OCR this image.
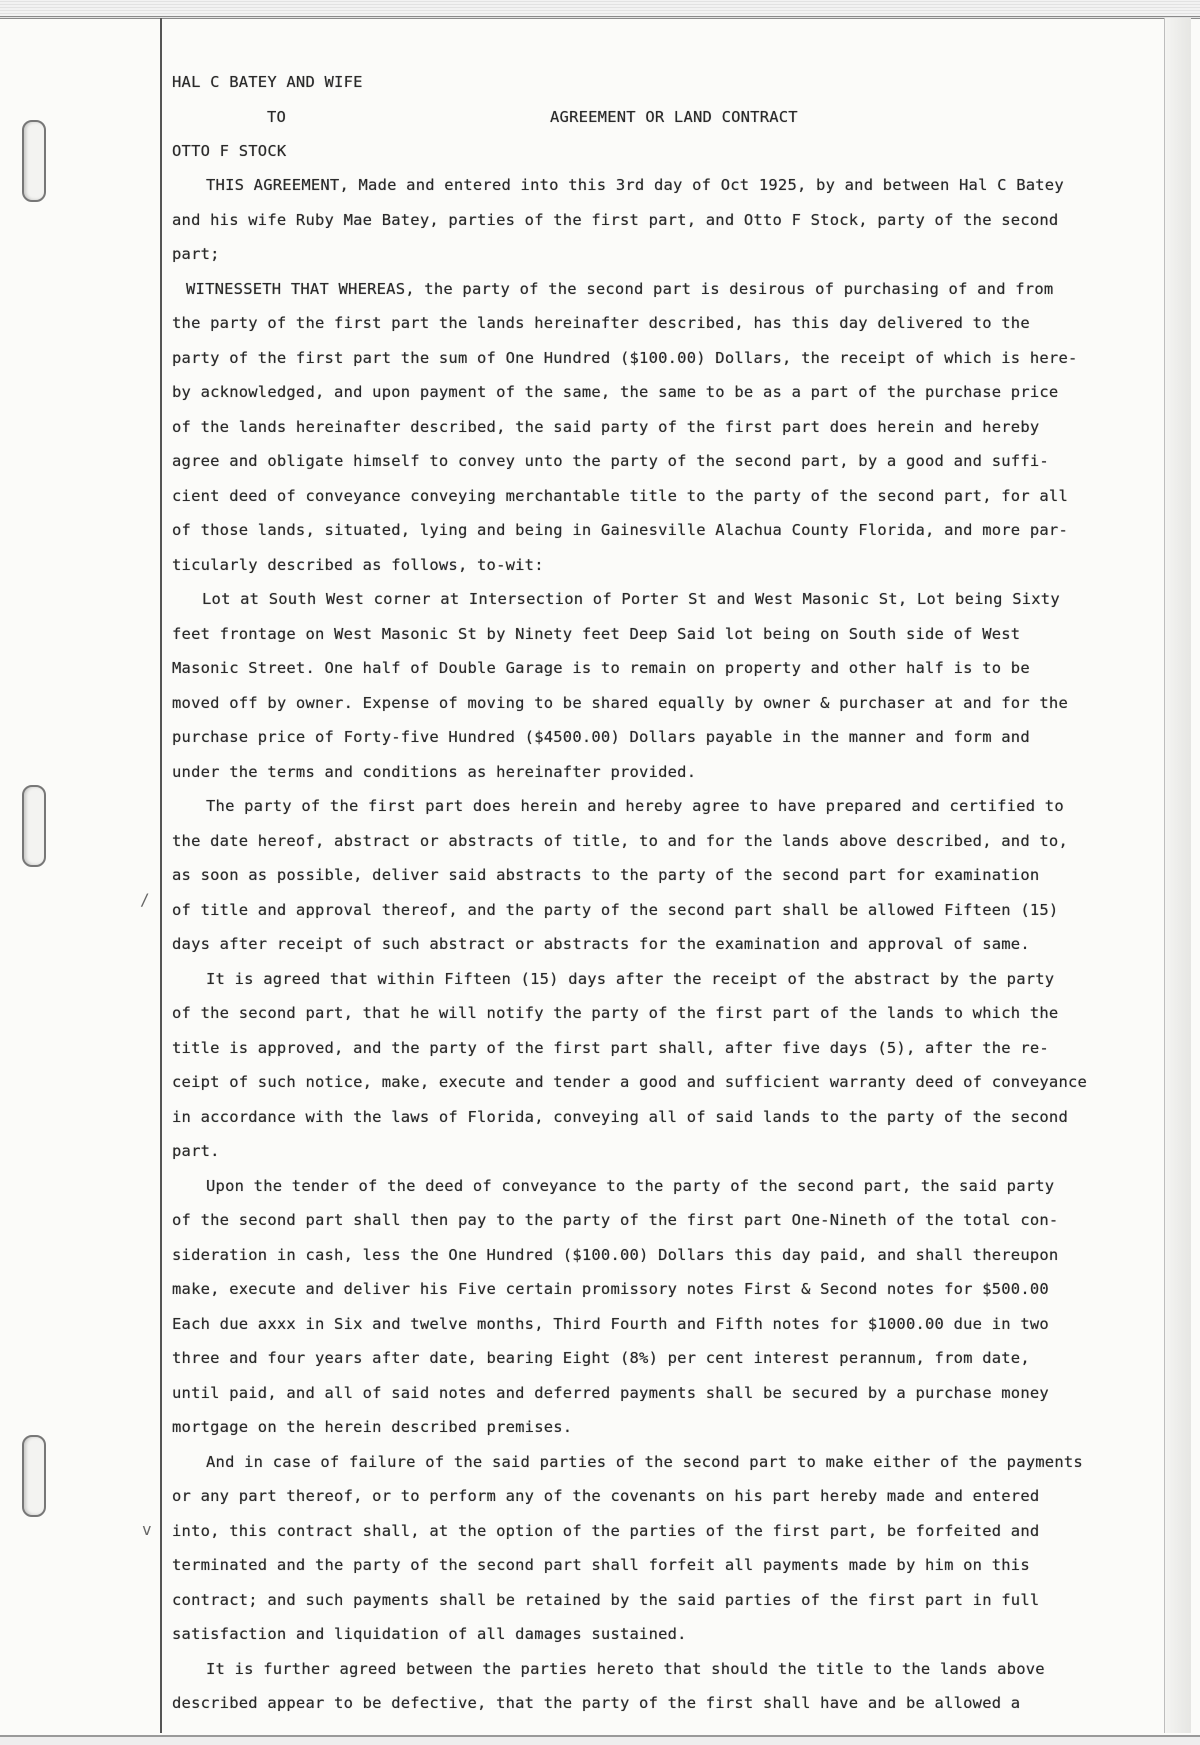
/
v
HAL C BATEY AND WIFE
TO	AGREEMENT OR LAND CONTRACT
OTTO F STOCK
THIS AGREEMENT, Made and entered into this 3rd day of Oct 1925, by and between Hal C Batey
and his wife Ruby Mae Batey, parties of the first part, and Otto F Stock, party of the second
part;
WITNESSETH THAT WHEREAS, the party of the second part is desirous of purchasing of and from
the party of the first part the lands hereinafter described, has this day delivered to the
party of the first part the sum of One Hundred ($100.00) Dollars, the receipt of which is here-
by acknowledged, and upon payment of the same, the same to be as a part of the purchase price
of the lands hereinafter described, the said party of the first part does herein and hereby
agree and obligate himself to convey unto the party of the second part, by a good and suffi-
cient deed of conveyance conveying merchantable title to the party of the second part, for all
of those lands, situated, lying and being in Gainesville Alachua County Florida, and more par-
ticularly described as follows, to-wit:
Lot at South West corner at Intersection of Porter St and West Masonic St, Lot being Sixty
feet frontage on West Masonic St by Ninety feet Deep Said lot being on South side of West
Masonic Street. One half of Double Garage is to remain on property and other half is to be
moved off by owner. Expense of moving to be shared equally by owner & purchaser at and for the
purchase price of Forty-five Hundred ($4500.00) Dollars payable in the manner and form and
under the terms and conditions as hereinafter provided.
The party of the first part does herein and hereby agree to have prepared and certified to
the date hereof, abstract or abstracts of title, to and for the lands above described, and to,
as soon as possible, deliver said abstracts to the party of the second part for examination
of title and approval thereof, and the party of the second part shall be allowed Fifteen (15)
days after receipt of such abstract or abstracts for the examination and approval of same.
It is agreed that within Fifteen (15) days after the receipt of the abstract by the party
of the second part, that he will notify the party of the first part of the lands to which the
title is approved, and the party of the first part shall, after five days (5), after the re-
ceipt of such notice, make, execute and tender a good and sufficient warranty deed of conveyance
in accordance with the laws of Florida, conveying all of said lands to the party of the second
part.
Upon the tender of the deed of conveyance to the party of the second part, the said party
of the second part shall then pay to the party of the first part One-Nineth of the total con-
sideration in cash, less the One Hundred ($100.00) Dollars this day paid, and shall thereupon
make, execute and deliver his Five certain promissory notes First & Second notes for $500.00
Each due axxx in Six and twelve months, Third Fourth and Fifth notes for $1000.00 due in two
three and four years after date, bearing Eight (8%) per cent interest perannum, from date,
until paid, and all of said notes and deferred payments shall be secured by a purchase money
mortgage on the herein described premises.
And in case of failure of the said parties of the second part to make either of the payments
or any part thereof, or to perform any of the covenants on his part hereby made and entered
into, this contract shall, at the option of the parties of the first part, be forfeited and
terminated and the party of the second part shall forfeit all payments made by him on this
contract; and such payments shall be retained by the said parties of the first part in full
satisfaction and liquidation of all damages sustained.
It is further agreed between the parties hereto that should the title to the lands above
described appear to be defective, that the party of the first shall have and be allowed a
